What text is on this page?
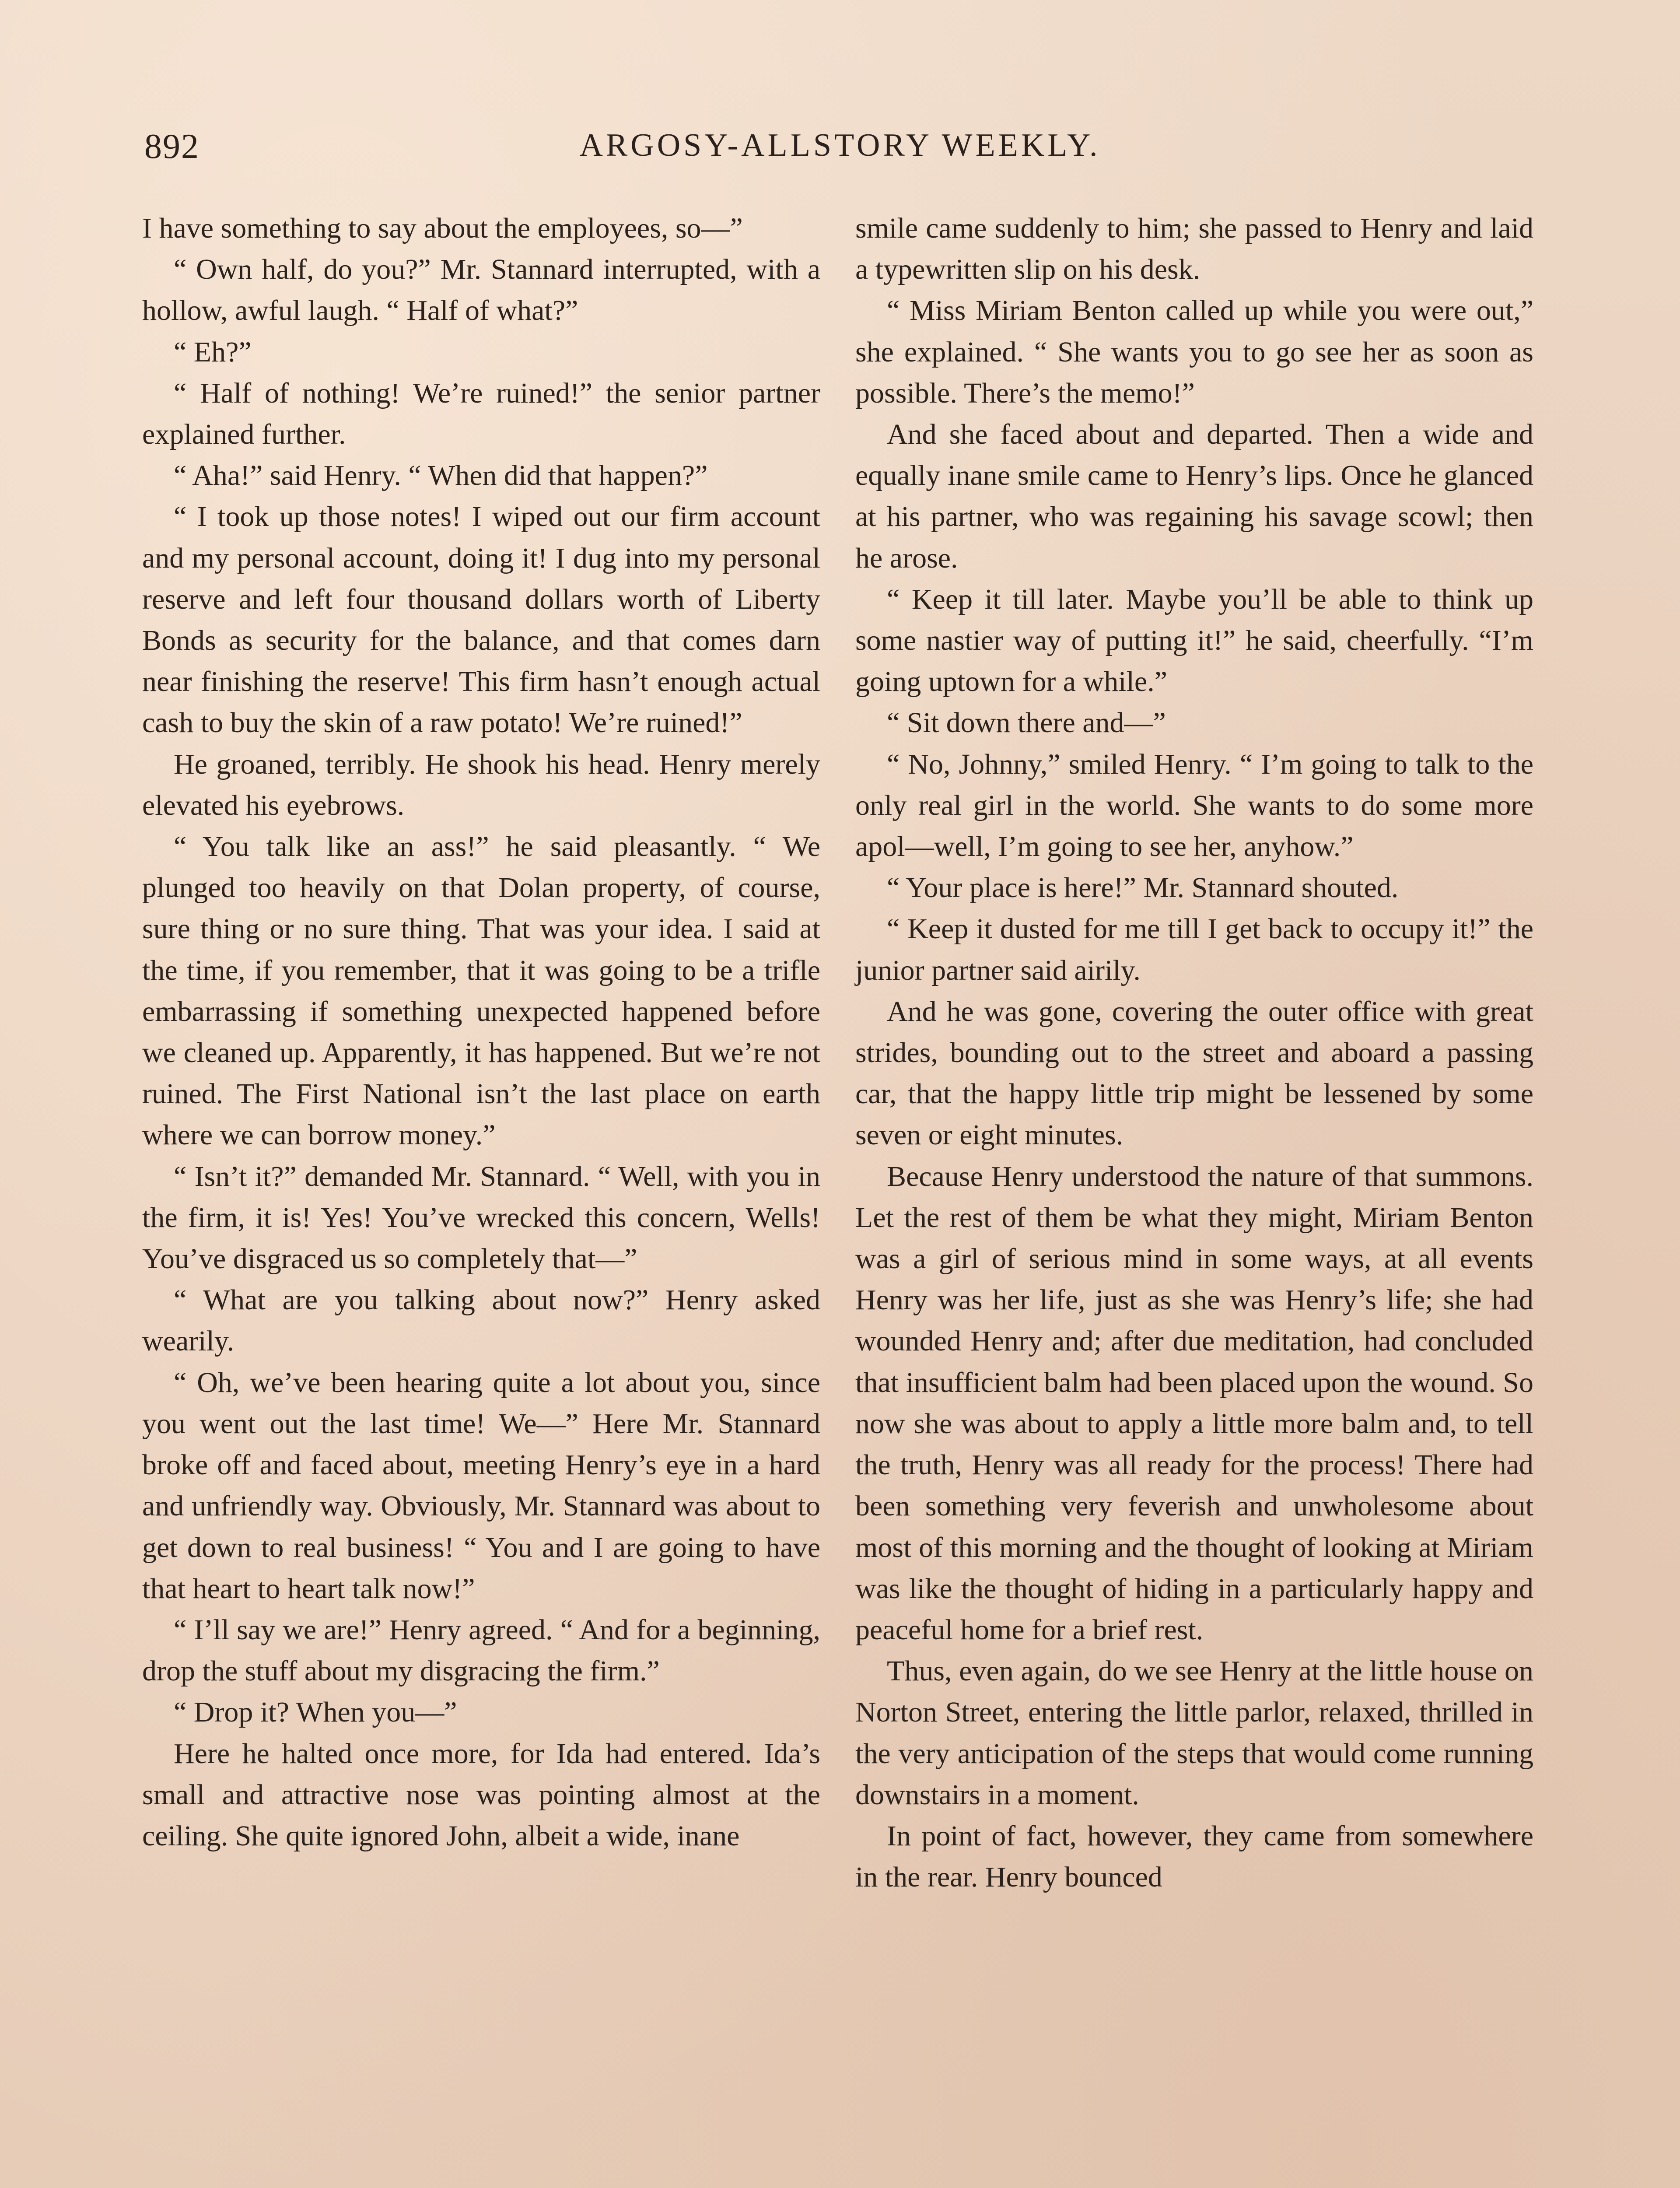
892	ARGOSY-ALLSTORY WEEKLY.

I have something to say about the employees, so—”

“ Own half, do you?” Mr. Stannard interrupted, with a hollow, awful laugh. “ Half of what?”

“ Eh?”

“ Half of nothing! We’re ruined!” the senior partner explained further.

“ Aha!” said Henry. “ When did that happen?”

“ I took up those notes! I wiped out our firm account and my personal account, doing it! I dug into my personal reserve and left four thousand dollars worth of Liberty Bonds as security for the balance, and that comes darn near finishing the reserve! This firm hasn’t enough actual cash to buy the skin of a raw potato! We’re ruined!”

He groaned, terribly. He shook his head. Henry merely elevated his eyebrows.

“ You talk like an ass!” he said pleasantly. “ We plunged too heavily on that Dolan property, of course, sure thing or no sure thing. That was your idea. I said at the time, if you remember, that it was going to be a trifle embarrassing if something unexpected happened before we cleaned up. Apparently, it has happened. But we’re not ruined. The First National isn’t the last place on earth where we can borrow money.”

“ Isn’t it?” demanded Mr. Stannard. “ Well, with you in the firm, it is! Yes! You’ve wrecked this concern, Wells! You’ve disgraced us so completely that—”

“ What are you talking about now?” Henry asked wearily.

“ Oh, we’ve been hearing quite a lot about you, since you went out the last time! We—” Here Mr. Stannard broke off and faced about, meeting Henry’s eye in a hard and unfriendly way. Obviously, Mr. Stannard was about to get down to real business! “ You and I are going to have that heart to heart talk now!”

“ I’ll say we are!” Henry agreed. “ And for a beginning, drop the stuff about my disgracing the firm.”

“ Drop it? When you—”

Here he halted once more, for Ida had entered. Ida’s small and attractive nose was pointing almost at the ceiling. She quite ignored John, albeit a wide, inane

smile came suddenly to him; she passed to Henry and laid a typewritten slip on his desk.

“ Miss Miriam Benton called up while you were out,” she explained. “ She wants you to go see her as soon as possible. There’s the memo!”

And she faced about and departed. Then a wide and equally inane smile came to Henry’s lips. Once he glanced at his partner, who was regaining his savage scowl; then he arose.

“ Keep it till later. Maybe you’ll be able to think up some nastier way of putting it!” he said, cheerfully. “I’m going uptown for a while.”

“ Sit down there and—”

“ No, Johnny,” smiled Henry. “ I’m going to talk to the only real girl in the world. She wants to do some more apol—well, I’m going to see her, anyhow.”

“ Your place is here!” Mr. Stannard shouted.

“ Keep it dusted for me till I get back to occupy it!” the junior partner said airily.

And he was gone, covering the outer office with great strides, bounding out to the street and aboard a passing car, that the happy little trip might be lessened by some seven or eight minutes.

Because Henry understood the nature of that summons. Let the rest of them be what they might, Miriam Benton was a girl of serious mind in some ways, at all events Henry was her life, just as she was Henry’s life; she had wounded Henry and; after due meditation, had concluded that insufficient balm had been placed upon the wound. So now she was about to apply a little more balm and, to tell the truth, Henry was all ready for the process! There had been something very feverish and unwholesome about most of this morning and the thought of looking at Miriam was like the thought of hiding in a particularly happy and peaceful home for a brief rest.

Thus, even again, do we see Henry at the little house on Norton Street, entering the little parlor, relaxed, thrilled in the very anticipation of the steps that would come running downstairs in a moment.

In point of fact, however, they came from somewhere in the rear. Henry bounced
